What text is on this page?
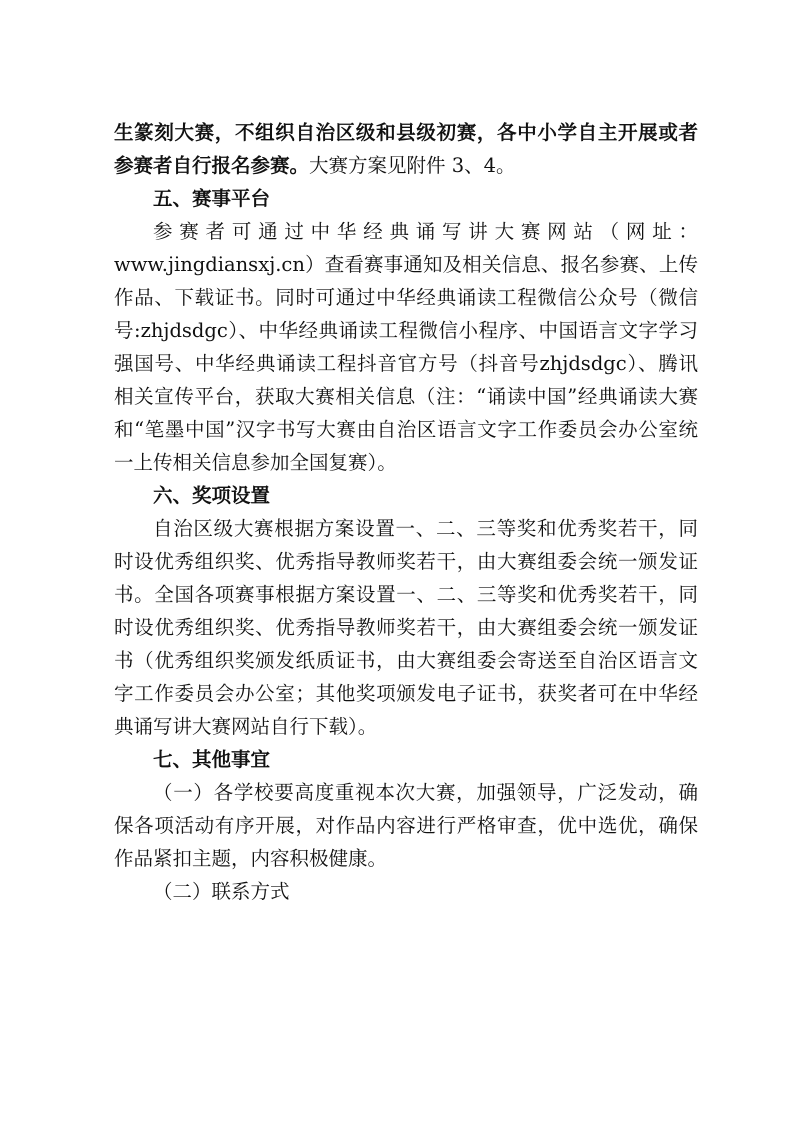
生篆刻大赛，不组织自治区级和县级初赛，各中小学自主开展或者参赛者自行报名参赛。大赛方案见附件 3、4。

五、赛事平台

参赛者可通过中华经典诵写讲大赛网站（网址：www.jingdiansxj.cn）查看赛事通知及相关信息、报名参赛、上传作品、下载证书。同时可通过中华经典诵读工程微信公众号（微信号:zhjdsdgc）、中华经典诵读工程微信小程序、中国语言文字学习强国号、中华经典诵读工程抖音官方号（抖音号zhjdsdgc）、腾讯相关宣传平台，获取大赛相关信息（注：“诵读中国”经典诵读大赛和“笔墨中国”汉字书写大赛由自治区语言文字工作委员会办公室统一上传相关信息参加全国复赛）。

六、奖项设置

自治区级大赛根据方案设置一、二、三等奖和优秀奖若干，同时设优秀组织奖、优秀指导教师奖若干，由大赛组委会统一颁发证书。全国各项赛事根据方案设置一、二、三等奖和优秀奖若干，同时设优秀组织奖、优秀指导教师奖若干，由大赛组委会统一颁发证书（优秀组织奖颁发纸质证书，由大赛组委会寄送至自治区语言文字工作委员会办公室；其他奖项颁发电子证书，获奖者可在中华经典诵写讲大赛网站自行下载）。

七、其他事宜

（一）各学校要高度重视本次大赛，加强领导，广泛发动，确保各项活动有序开展，对作品内容进行严格审查，优中选优，确保作品紧扣主题，内容积极健康。

（二）联系方式
